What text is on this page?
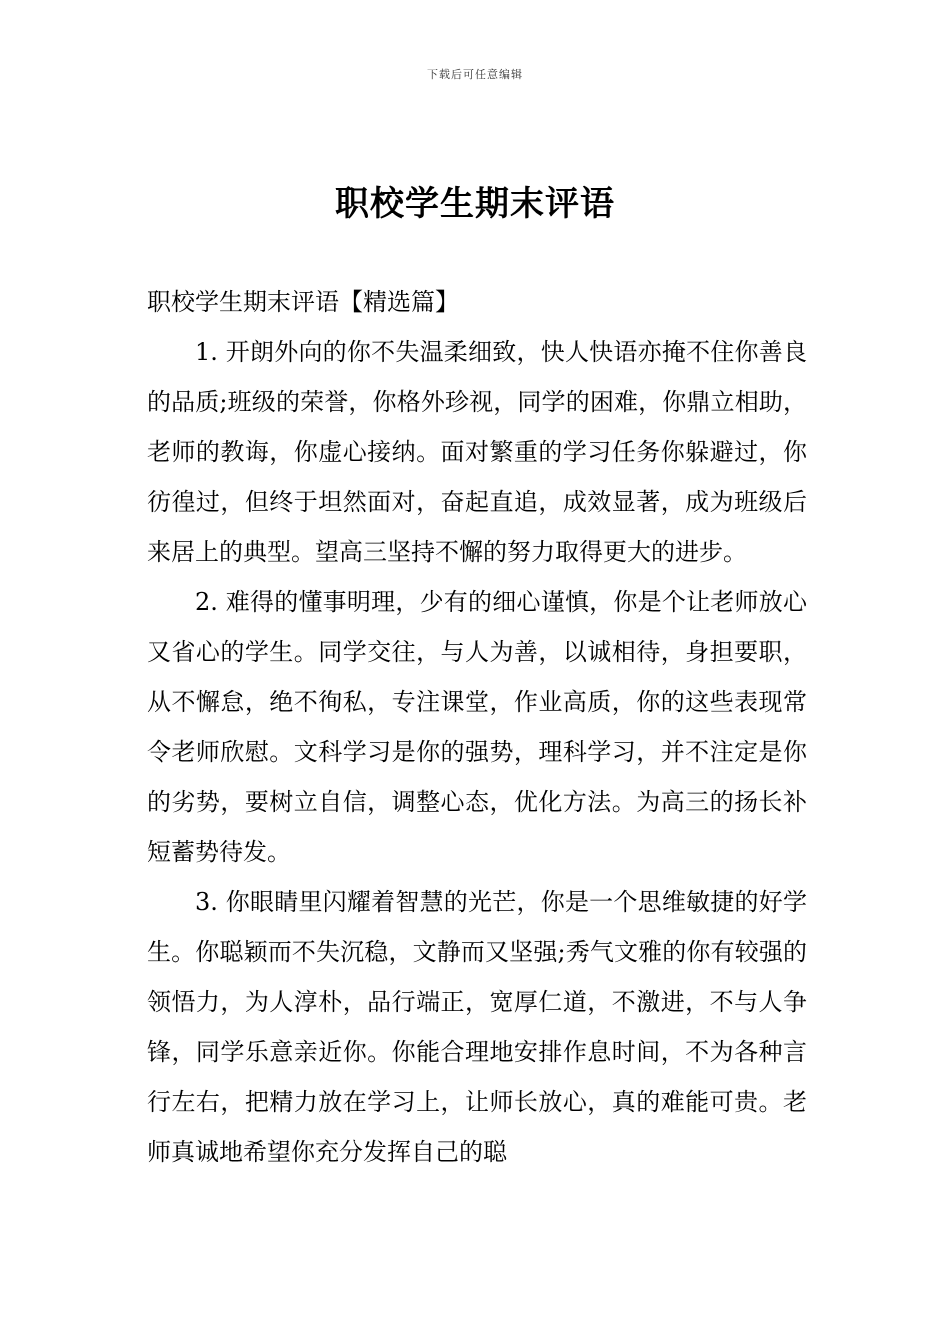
下载后可任意编辑
职校学生期末评语

职校学生期末评语【精选篇】

1. 开朗外向的你不失温柔细致，快人快语亦掩不住你善良的品质;班级的荣誉，你格外珍视，同学的困难，你鼎立相助，老师的教诲，你虚心接纳。面对繁重的学习任务你躲避过，你彷徨过，但终于坦然面对，奋起直追，成效显著，成为班级后来居上的典型。望高三坚持不懈的努力取得更大的进步。

2. 难得的懂事明理，少有的细心谨慎，你是个让老师放心又省心的学生。同学交往，与人为善，以诚相待，身担要职，从不懈怠，绝不徇私，专注课堂，作业高质，你的这些表现常令老师欣慰。文科学习是你的强势，理科学习，并不注定是你的劣势，要树立自信，调整心态，优化方法。为高三的扬长补短蓄势待发。

3. 你眼睛里闪耀着智慧的光芒，你是一个思维敏捷的好学生。你聪颖而不失沉稳，文静而又坚强;秀气文雅的你有较强的领悟力，为人淳朴，品行端正，宽厚仁道，不激进，不与人争锋，同学乐意亲近你。你能合理地安排作息时间，不为各种言行左右，把精力放在学习上，让师长放心，真的难能可贵。老师真诚地希望你充分发挥自己的聪
